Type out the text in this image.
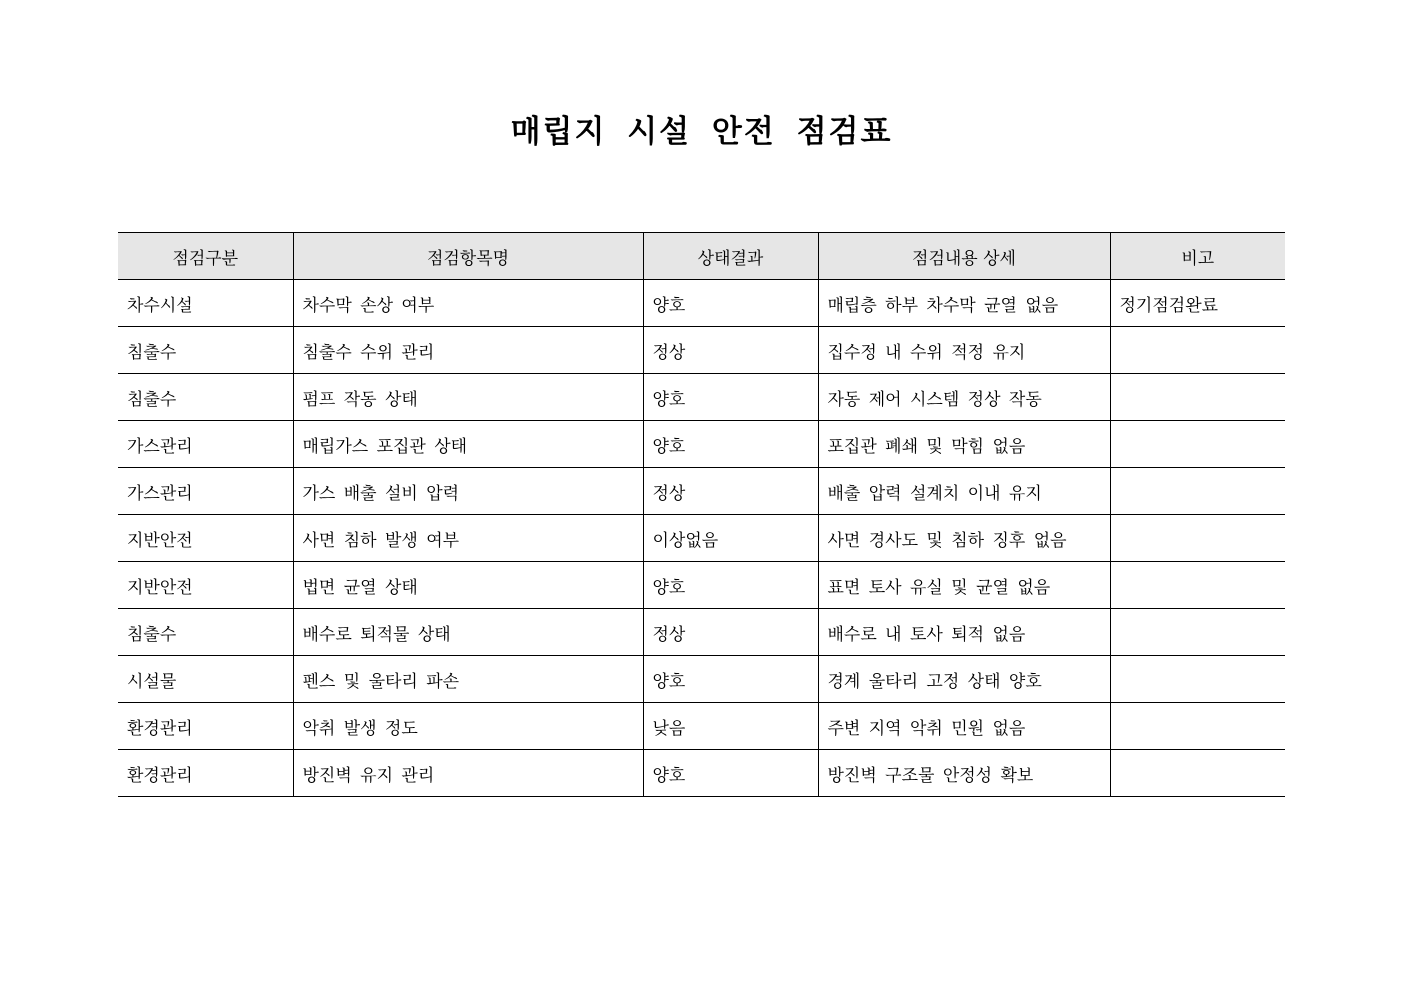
매립지 시설 안전 점검표
점검구분	점검항목명	상태결과	점검내용 상세	비고
차수시설	차수막 손상 여부	양호	매립층 하부 차수막 균열 없음	정기점검완료
침출수	침출수 수위 관리	정상	집수정 내 수위 적정 유지	
침출수	펌프 작동 상태	양호	자동 제어 시스템 정상 작동	
가스관리	매립가스 포집관 상태	양호	포집관 폐쇄 및 막힘 없음	
가스관리	가스 배출 설비 압력	정상	배출 압력 설계치 이내 유지	
지반안전	사면 침하 발생 여부	이상없음	사면 경사도 및 침하 징후 없음	
지반안전	법면 균열 상태	양호	표면 토사 유실 및 균열 없음	
침출수	배수로 퇴적물 상태	정상	배수로 내 토사 퇴적 없음	
시설물	펜스 및 울타리 파손	양호	경계 울타리 고정 상태 양호	
환경관리	악취 발생 정도	낮음	주변 지역 악취 민원 없음	
환경관리	방진벽 유지 관리	양호	방진벽 구조물 안정성 확보	
